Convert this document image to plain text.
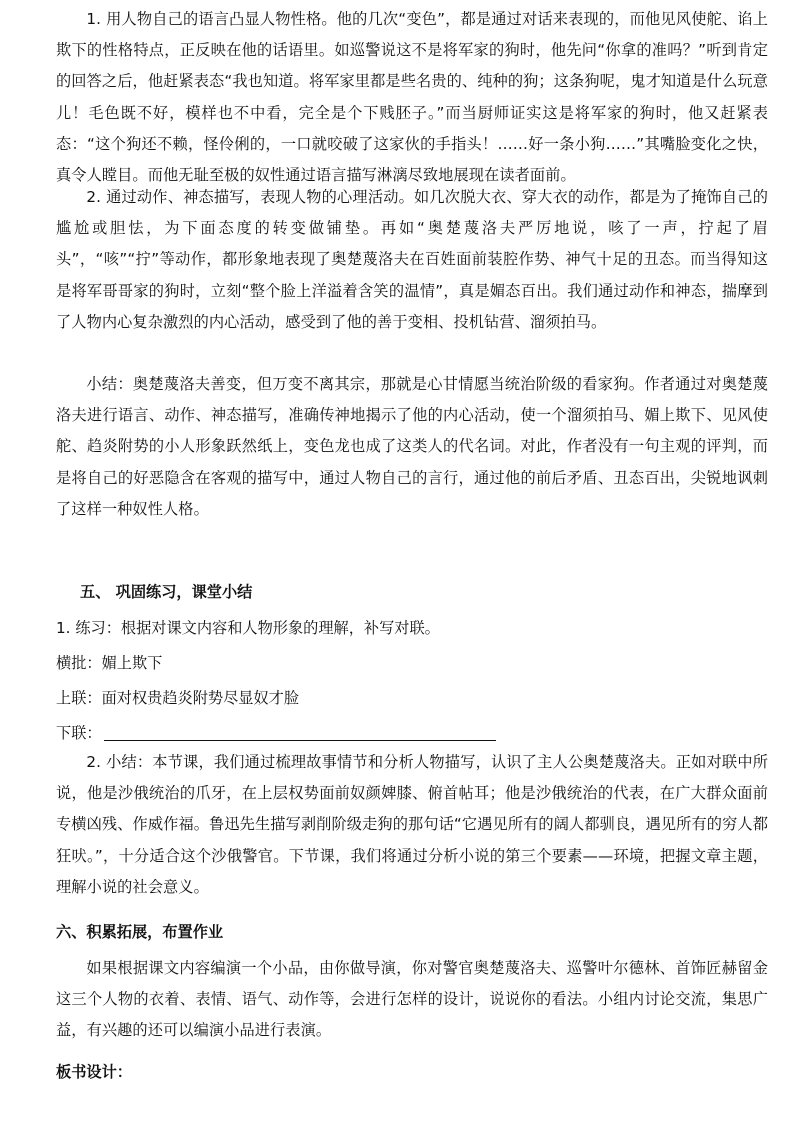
1. 用人物自己的语言凸显人物性格。他的几次“变色”，都是通过对话来表现的，而他见风使舵、谄上欺下的性格特点，正反映在他的话语里。如巡警说这不是将军家的狗时，他先问“你拿的准吗？”听到肯定的回答之后，他赶紧表态“我也知道。将军家里都是些名贵的、纯种的狗；这条狗呢，鬼才知道是什么玩意儿！毛色既不好，模样也不中看，完全是个下贱胚子。”而当厨师证实这是将军家的狗时，他又赶紧表态：“这个狗还不赖，怪伶俐的，一口就咬破了这家伙的手指头！……好一条小狗……”其嘴脸变化之快，真令人瞠目。而他无耻至极的奴性通过语言描写淋漓尽致地展现在读者面前。

2. 通过动作、神态描写，表现人物的心理活动。如几次脱大衣、穿大衣的动作，都是为了掩饰自己的尴尬或胆怯，为下面态度的转变做铺垫。再如“奥楚蔑洛夫严厉地说，咳了一声，拧起了眉头”，“咳”“拧”等动作，都形象地表现了奥楚蔑洛夫在百姓面前装腔作势、神气十足的丑态。而当得知这是将军哥哥家的狗时，立刻“整个脸上洋溢着含笑的温情”，真是媚态百出。我们通过动作和神态，揣摩到了人物内心复杂激烈的内心活动，感受到了他的善于变相、投机钻营、溜须拍马。

小结：奥楚蔑洛夫善变，但万变不离其宗，那就是心甘情愿当统治阶级的看家狗。作者通过对奥楚蔑洛夫进行语言、动作、神态描写，准确传神地揭示了他的内心活动，使一个溜须拍马、媚上欺下、见风使舵、趋炎附势的小人形象跃然纸上，变色龙也成了这类人的代名词。对此，作者没有一句主观的评判，而是将自己的好恶隐含在客观的描写中，通过人物自己的言行，通过他的前后矛盾、丑态百出，尖锐地讽刺了这样一种奴性人格。

五、 巩固练习，课堂小结

1. 练习：根据对课文内容和人物形象的理解，补写对联。

横批：媚上欺下

上联：面对权贵趋炎附势尽显奴才脸

下联：

2. 小结：本节课，我们通过梳理故事情节和分析人物描写，认识了主人公奥楚蔑洛夫。正如对联中所说，他是沙俄统治的爪牙，在上层权势面前奴颜婢膝、俯首帖耳；他是沙俄统治的代表，在广大群众面前专横凶残、作威作福。鲁迅先生描写剥削阶级走狗的那句话“它遇见所有的阔人都驯良，遇见所有的穷人都狂吠。”，十分适合这个沙俄警官。下节课，我们将通过分析小说的第三个要素——环境，把握文章主题，理解小说的社会意义。

六、积累拓展，布置作业

如果根据课文内容编演一个小品，由你做导演，你对警官奥楚蔑洛夫、巡警叶尔德林、首饰匠赫留金这三个人物的衣着、表情、语气、动作等，会进行怎样的设计，说说你的看法。小组内讨论交流，集思广益，有兴趣的还可以编演小品进行表演。

板书设计：
